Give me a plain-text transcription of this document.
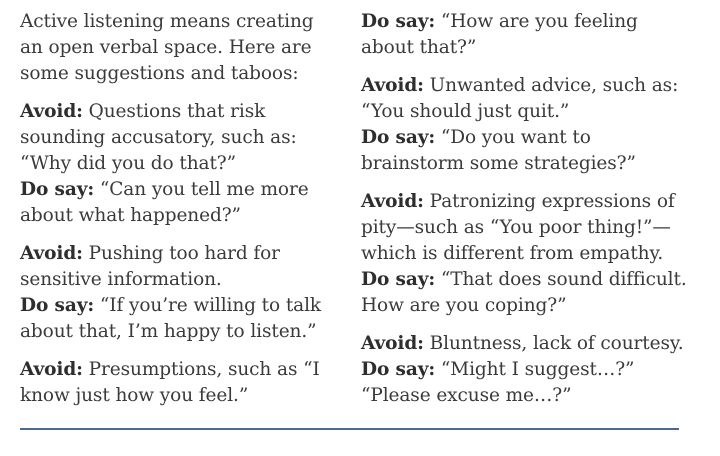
Active listening means creating an open verbal space. Here are some suggestions and taboos:

Avoid: Questions that risk sounding accusatory, such as: “Why did you do that?”
Do say: “Can you tell me more about what happened?”
Avoid: Pushing too hard for sensitive information.
Do say: “If you’re willing to talk about that, I’m happy to listen.”
Avoid: Presumptions, such as “I know just how you feel.”
Do say: “How are you feeling about that?”
Avoid: Unwanted advice, such as: “You should just quit.”
Do say: “Do you want to brainstorm some strategies?”
Avoid: Patronizing expressions of pity—such as “You poor thing!”—which is different from empathy.
Do say: “That does sound difficult. How are you coping?”
Avoid: Bluntness, lack of courtesy.
Do say: “Might I suggest…?” “Please excuse me…?”
